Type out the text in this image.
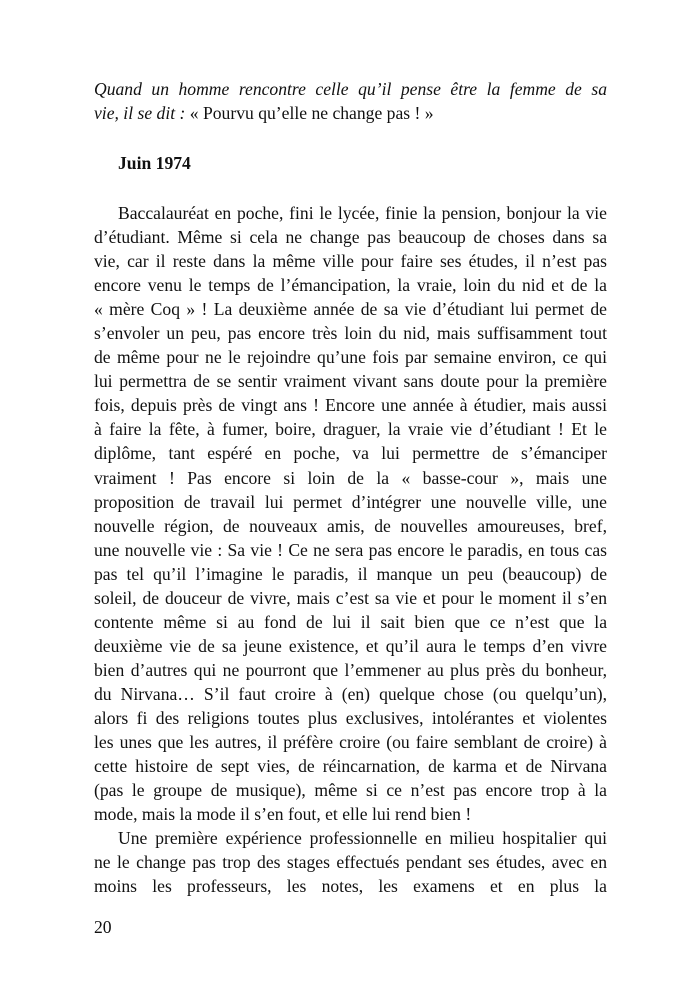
Quand un homme rencontre celle qu’il pense être la femme de sa
vie, il se dit : « Pourvu qu’elle ne change pas ! »
Juin 1974
Baccalauréat en poche, fini le lycée, finie la pension, bonjour la vie
d’étudiant. Même si cela ne change pas beaucoup de choses dans sa
vie, car il reste dans la même ville pour faire ses études, il n’est pas
encore venu le temps de l’émancipation, la vraie, loin du nid et de la
« mère Coq » ! La deuxième année de sa vie d’étudiant lui permet de
s’envoler un peu, pas encore très loin du nid, mais suffisamment tout
de même pour ne le rejoindre qu’une fois par semaine environ, ce qui
lui permettra de se sentir vraiment vivant sans doute pour la première
fois, depuis près de vingt ans ! Encore une année à étudier, mais aussi
à faire la fête, à fumer, boire, draguer, la vraie vie d’étudiant ! Et le
diplôme, tant espéré en poche, va lui permettre de s’émanciper
vraiment ! Pas encore si loin de la « basse-cour », mais une
proposition de travail lui permet d’intégrer une nouvelle ville, une
nouvelle région, de nouveaux amis, de nouvelles amoureuses, bref,
une nouvelle vie : Sa vie ! Ce ne sera pas encore le paradis, en tous cas
pas tel qu’il l’imagine le paradis, il manque un peu (beaucoup) de
soleil, de douceur de vivre, mais c’est sa vie et pour le moment il s’en
contente même si au fond de lui il sait bien que ce n’est que la
deuxième vie de sa jeune existence, et qu’il aura le temps d’en vivre
bien d’autres qui ne pourront que l’emmener au plus près du bonheur,
du Nirvana… S’il faut croire à (en) quelque chose (ou quelqu’un),
alors fi des religions toutes plus exclusives, intolérantes et violentes
les unes que les autres, il préfère croire (ou faire semblant de croire) à
cette histoire de sept vies, de réincarnation, de karma et de Nirvana
(pas le groupe de musique), même si ce n’est pas encore trop à la
mode, mais la mode il s’en fout, et elle lui rend bien !
Une première expérience professionnelle en milieu hospitalier qui
ne le change pas trop des stages effectués pendant ses études, avec en
moins les professeurs, les notes, les examens et en plus la
20
